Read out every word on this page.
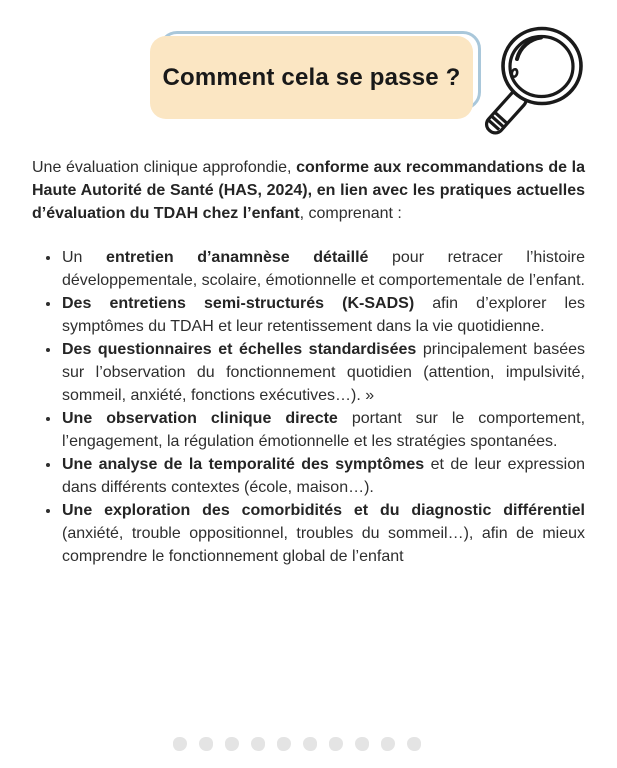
Comment cela se passe ?

Une évaluation clinique approfondie, conforme aux recommandations de la Haute Autorité de Santé (HAS, 2024), en lien avec les pratiques actuelles d’évaluation du TDAH chez l’enfant, comprenant :

• Un entretien d’anamnèse détaillé pour retracer l’histoire développementale, scolaire, émotionnelle et comportementale de l’enfant.
• Des entretiens semi-structurés (K-SADS) afin d’explorer les symptômes du TDAH et leur retentissement dans la vie quotidienne.
• Des questionnaires et échelles standardisées principalement basées sur l’observation du fonctionnement quotidien (attention, impulsivité, sommeil, anxiété, fonctions exécutives…). »
• Une observation clinique directe portant sur le comportement, l’engagement, la régulation émotionnelle et les stratégies spontanées.
• Une analyse de la temporalité des symptômes et de leur expression dans différents contextes (école, maison…).
• Une exploration des comorbidités et du diagnostic différentiel (anxiété, trouble oppositionnel, troubles du sommeil…), afin de mieux comprendre le fonctionnement global de l’enfant
